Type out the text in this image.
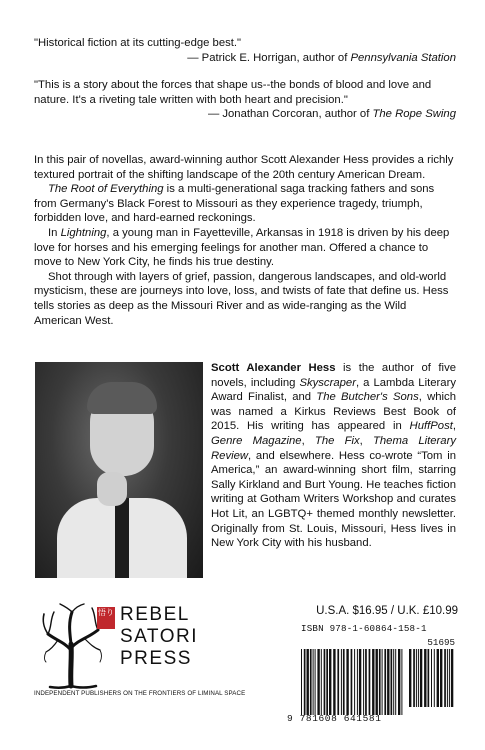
"Historical fiction at its cutting-edge best."

— Patrick E. Horrigan, author of Pennsylvania Station

"This is a story about the forces that shape us--the bonds of blood and love and nature. It's a riveting tale written with both heart and precision."

— Jonathan Corcoran, author of The Rope Swing

In this pair of novellas, award-winning author Scott Alexander Hess provides a richly textured portrait of the shifting landscape of the 20th century American Dream.

The Root of Everything is a multi-generational saga tracking fathers and sons from Germany's Black Forest to Missouri as they experience tragedy, triumph, forbidden love, and hard-earned reckonings.

In Lightning, a young man in Fayetteville, Arkansas in 1918 is driven by his deep love for horses and his emerging feelings for another man. Offered a chance to move to New York City, he finds his true destiny.

Shot through with layers of grief, passion, dangerous landscapes, and old-world mysticism, these are journeys into love, loss, and twists of fate that define us. Hess tells stories as deep as the Missouri River and as wide-ranging as the Wild American West.

Scott Alexander Hess is the author of five novels, including Skyscraper, a Lambda Literary Award Finalist, and The Butcher's Sons, which was named a Kirkus Reviews Best Book of 2015. His writing has appeared in HuffPost, Genre Magazine, The Fix, Thema Literary Review, and elsewhere. Hess co-wrote “Tom in America,” an award-winning short film, starring Sally Kirkland and Burt Young. He teaches fiction writing at Gotham Writers Workshop and curates Hot Lit, an LGBTQ+ themed monthly newsletter. Originally from St. Louis, Missouri, Hess lives in New York City with his husband.
悟り REBEL
SATORI
PRESS
INDEPENDENT PUBLISHERS ON THE FRONTIERS OF LIMINAL SPACE
U.S.A. $16.95 / U.K. £10.99
ISBN 978-1-60864-158-1
51695
9 781608 641581
